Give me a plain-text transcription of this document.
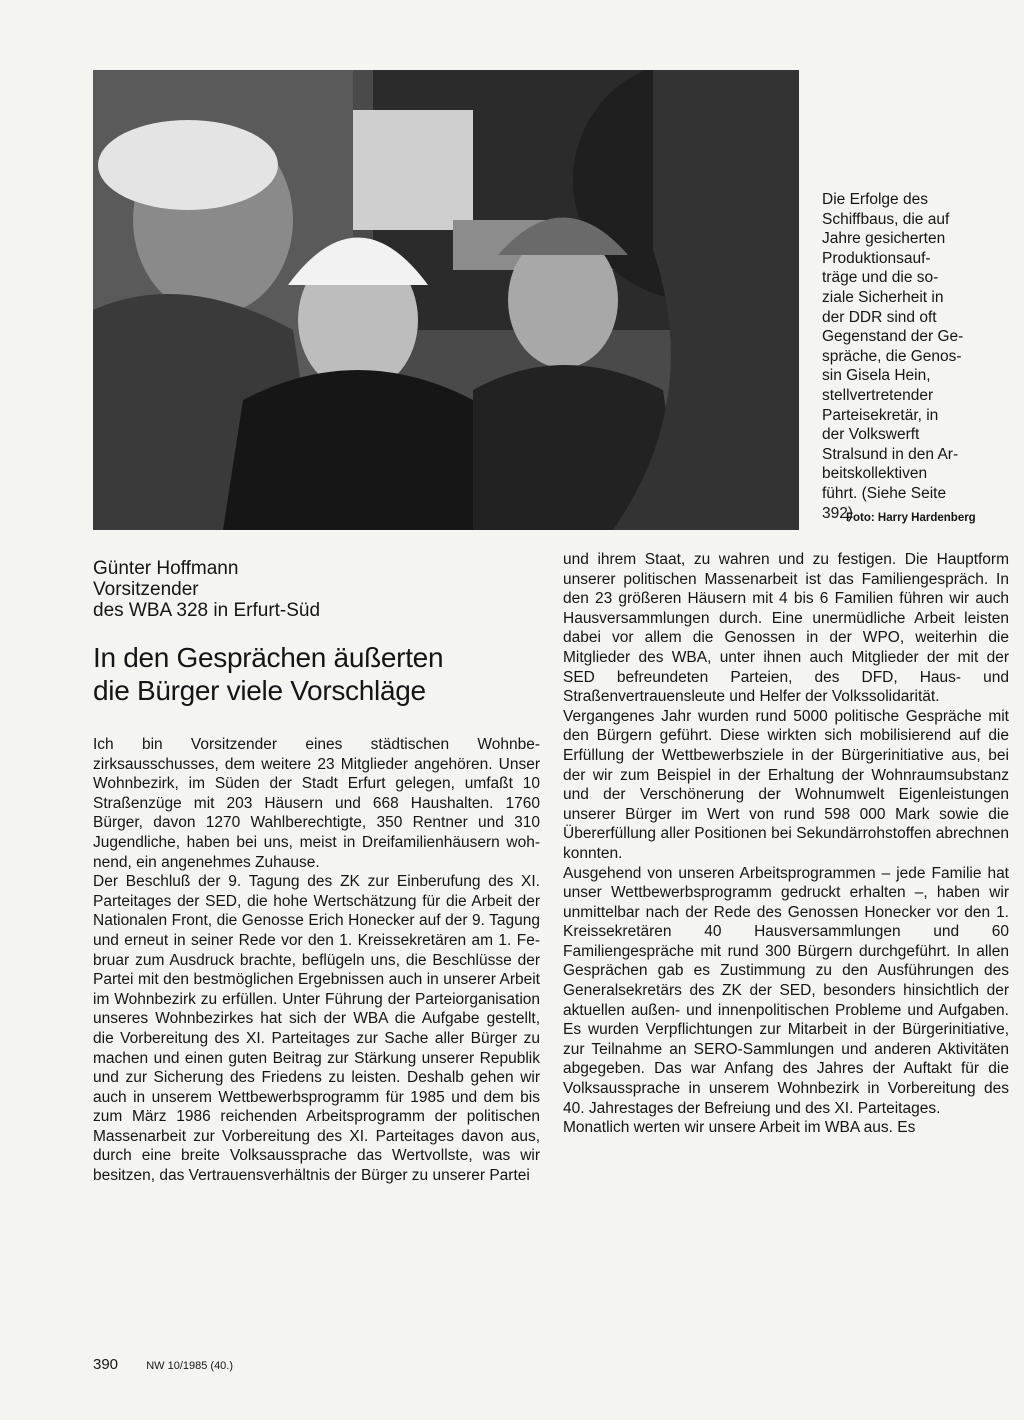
Die Erfolge des
Schiffbaus, die auf
Jahre gesicherten
Produktionsauf-
träge und die so-
ziale Sicherheit in
der DDR sind oft
Gegenstand der Ge-
spräche, die Genos-
sin Gisela Hein,
stellvertretender
Parteisekretär, in
der Volkswerft
Stralsund in den Ar-
beitskollektiven
führt. (Siehe Seite
392)
Foto: Harry Hardenberg
Günter Hoffmann
Vorsitzender
des WBA 328 in Erfurt-Süd
In den Gesprächen äußerten
die Bürger viele Vorschläge

Ich bin Vorsitzender eines städtischen Wohnbezirksausschusses, dem weitere 23 Mitglieder angehören. Unser Wohnbezirk, im Süden der Stadt Erfurt gelegen, umfaßt 10 Straßenzüge mit 203 Häusern und 668 Haushalten. 1760 Bürger, davon 1270 Wahlberechtigte, 350 Rentner und 310 Jugendliche, haben bei uns, meist in Dreifamilienhäusern wohnend, ein angenehmes Zuhause.

Der Beschluß der 9. Tagung des ZK zur Einberufung des XI. Parteitages der SED, die hohe Wertschätzung für die Arbeit der Nationalen Front, die Genosse Erich Honecker auf der 9. Tagung und erneut in seiner Rede vor den 1. Kreissekretären am 1. Februar zum Ausdruck brachte, beflügeln uns, die Beschlüsse der Partei mit den bestmöglichen Ergebnissen auch in unserer Arbeit im Wohnbezirk zu erfüllen. Unter Führung der Parteiorganisation unseres Wohnbezirkes hat sich der WBA die Aufgabe gestellt, die Vorbereitung des XI. Parteitages zur Sache aller Bürger zu machen und einen guten Beitrag zur Stärkung unserer Republik und zur Sicherung des Friedens zu leisten. Deshalb gehen wir auch in unserem Wettbewerbsprogramm für 1985 und dem bis zum März 1986 reichenden Arbeitsprogramm der politischen Massenarbeit zur Vorbereitung des XI. Parteitages davon aus, durch eine breite Volksaussprache das Wertvollste, was wir besitzen, das Vertrauensverhältnis der Bürger zu unserer Partei

und ihrem Staat, zu wahren und zu festigen. Die Hauptform unserer politischen Massenarbeit ist das Familiengespräch. In den 23 größeren Häusern mit 4 bis 6 Familien führen wir auch Hausversammlungen durch. Eine unermüdliche Arbeit leisten dabei vor allem die Genossen in der WPO, weiterhin die Mitglieder des WBA, unter ihnen auch Mitglieder der mit der SED befreundeten Parteien, des DFD, Haus- und Straßenvertrauensleute und Helfer der Volkssolidarität.

Vergangenes Jahr wurden rund 5000 politische Gespräche mit den Bürgern geführt. Diese wirkten sich mobilisierend auf die Erfüllung der Wettbewerbsziele in der Bürgerinitiative aus, bei der wir zum Beispiel in der Erhaltung der Wohnraumsubstanz und der Verschönerung der Wohnumwelt Eigenleistungen unserer Bürger im Wert von rund 598 000 Mark sowie die Übererfüllung aller Positionen bei Sekundärrohstoffen abrechnen konnten.

Ausgehend von unseren Arbeitsprogrammen – jede Familie hat unser Wettbewerbsprogramm gedruckt erhalten –, haben wir unmittelbar nach der Rede des Genossen Honecker vor den 1. Kreissekretären 40 Hausversammlungen und 60 Familiengespräche mit rund 300 Bürgern durchgeführt. In allen Gesprächen gab es Zustimmung zu den Ausführungen des Generalsekretärs des ZK der SED, besonders hinsichtlich der aktuellen außen- und innenpolitischen Probleme und Aufgaben. Es wurden Verpflichtungen zur Mitarbeit in der Bürgerinitiative, zur Teilnahme an SERO-Sammlungen und anderen Aktivitäten abgegeben. Das war Anfang des Jahres der Auftakt für die Volksaussprache in unserem Wohnbezirk in Vorbereitung des 40. Jahrestages der Befreiung und des XI. Parteitages.

Monatlich werten wir unsere Arbeit im WBA aus. Es

390	NW 10/1985 (40.)
